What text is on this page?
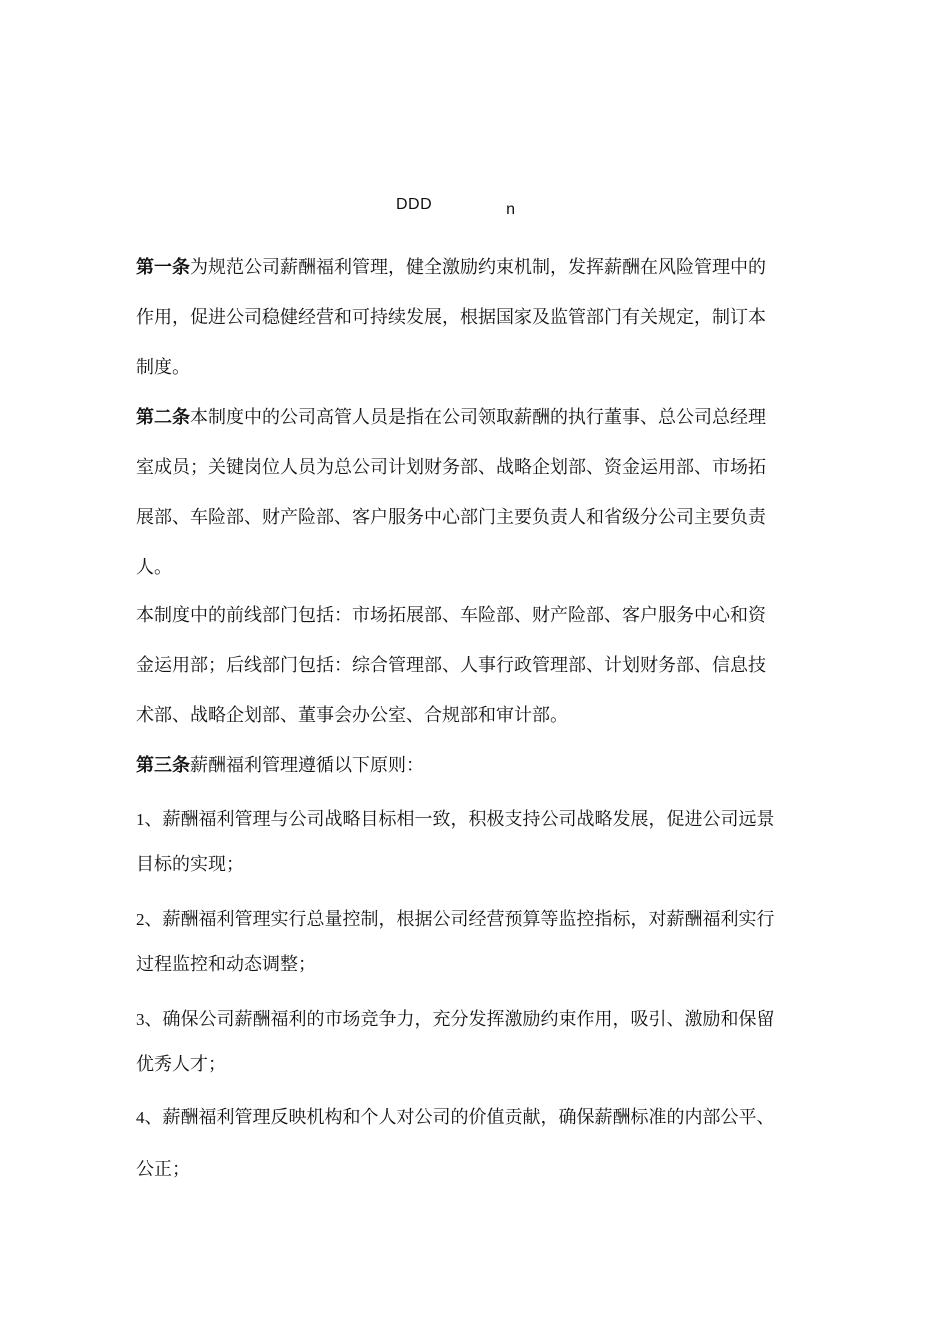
DDD	n
第一条为规范公司薪酬福利管理，健全激励约束机制，发挥薪酬在风险管理中的
作用，促进公司稳健经营和可持续发展，根据国家及监管部门有关规定，制订本
制度。
第二条本制度中的公司高管人员是指在公司领取薪酬的执行董事、总公司总经理
室成员；关键岗位人员为总公司计划财务部、战略企划部、资金运用部、市场拓
展部、车险部、财产险部、客户服务中心部门主要负责人和省级分公司主要负责
人。
本制度中的前线部门包括：市场拓展部、车险部、财产险部、客户服务中心和资
金运用部；后线部门包括：综合管理部、人事行政管理部、计划财务部、信息技
术部、战略企划部、董事会办公室、合规部和审计部。
第三条薪酬福利管理遵循以下原则：
1、薪酬福利管理与公司战略目标相一致，积极支持公司战略发展，促进公司远景
目标的实现；
2、薪酬福利管理实行总量控制，根据公司经营预算等监控指标，对薪酬福利实行
过程监控和动态调整；
3、确保公司薪酬福利的市场竞争力，充分发挥激励约束作用，吸引、激励和保留
优秀人才；
4、薪酬福利管理反映机构和个人对公司的价值贡献，确保薪酬标准的内部公平、
公正；
